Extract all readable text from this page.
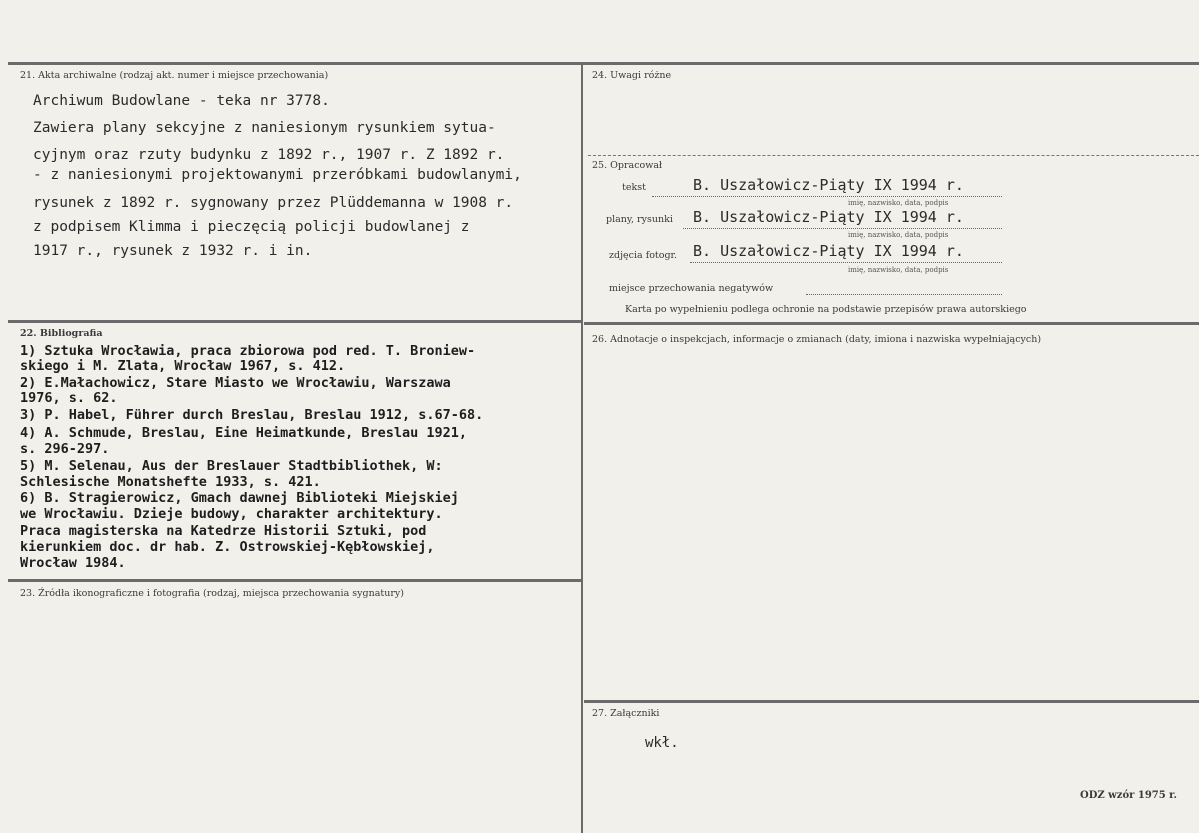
21. Akta archiwalne (rodzaj akt. numer i miejsce przechowania)
Archiwum Budowlane - teka nr 3778.
Zawiera plany sekcyjne z naniesionym rysunkiem sytua-
cyjnym oraz rzuty budynku z 1892 r., 1907 r. Z 1892 r.
- z naniesionymi projektowanymi przeróbkami budowlanymi,
rysunek z 1892 r. sygnowany przez Plüddemanna w 1908 r.
z podpisem Klimma i pieczęcią policji budowlanej z
1917 r., rysunek z 1932 r. i in.
22. Bibliografia
1) Sztuka Wrocławia, praca zbiorowa pod red. T. Broniew-
skiego i M. Zlata, Wrocław 1967, s. 412.
2) E.Małachowicz, Stare Miasto we Wrocławiu, Warszawa
1976, s. 62.
3) P. Habel, Führer durch Breslau, Breslau 1912, s.67-68.
4) A. Schmude, Breslau, Eine Heimatkunde, Breslau 1921,
s. 296-297.
5) M. Selenau, Aus der Breslauer Stadtbibliothek, W:
Schlesische Monatshefte 1933, s. 421.
6) B. Stragierowicz, Gmach dawnej Biblioteki Miejskiej
we Wrocławiu. Dzieje budowy, charakter architektury.
Praca magisterska na Katedrze Historii Sztuki, pod
kierunkiem doc. dr hab. Z. Ostrowskiej-Kębłowskiej,
Wrocław 1984.
23. Źródła ikonograficzne i fotografia (rodzaj, miejsca przechowania sygnatury)
24. Uwagi różne
25. Opracował
tekst	B. Uszałowicz-Piąty IX 1994 r.
imię, nazwisko, data, podpis
plany, rysunki B. Uszałowicz-Piąty IX 1994 r.
imię, nazwisko, data, podpis
zdjęcia fotogr. B. Uszałowicz-Piąty IX 1994 r.
imię, nazwisko, data, podpis
miejsce przechowania negatywów
Karta po wypełnieniu podlega ochronie na podstawie przepisów prawa autorskiego
26. Adnotacje o inspekcjach, informacje o zmianach (daty, imiona i nazwiska wypełniających)
27. Załączniki
wkł.
ODZ wzór 1975 r.
